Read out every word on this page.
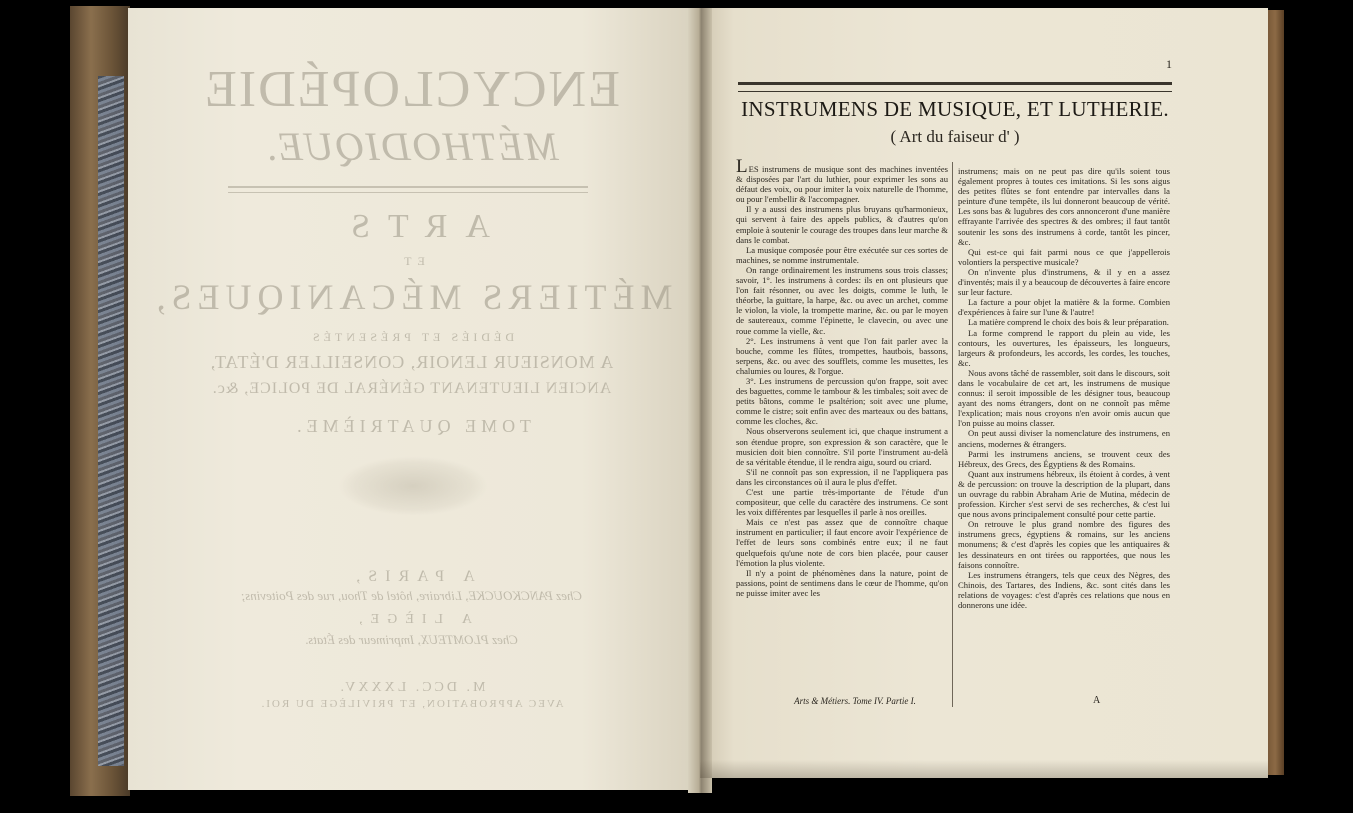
ENCYCLOPÉDIE
MÉTHODIQUE.
ARTS
ET
MÉTIERS MÉCANIQUES,
DÉDIÉS ET PRÉSENTÉS
A MONSIEUR LENOIR, CONSEILLER D'ÉTAT,
ANCIEN LIEUTENANT GÉNÉRAL DE POLICE, &c.
TOME QUATRIÈME.
A PARIS,
Chez PANCKOUCKE, Libraire, hôtel de Thou, rue des Poitevins;
A LIÈGE,
Chez PLOMTEUX, Imprimeur des États.
M. DCC. LXXXV.
AVEC APPROBATION, ET PRIVILÈGE DU ROI.
1
INSTRUMENS DE MUSIQUE, ET LUTHERIE.
( Art du faiseur d' )

LES instrumens de musique sont des machines inventées & disposées par l'art du luthier, pour exprimer les sons au défaut des voix, ou pour imiter la voix naturelle de l'homme, ou pour l'embellir & l'accompagner.

Il y a aussi des instrumens plus bruyans qu'harmonieux, qui servent à faire des appels publics, & d'autres qu'on emploie à soutenir le courage des troupes dans leur marche & dans le combat.

La musique composée pour être exécutée sur ces sortes de machines, se nomme instrumentale.

On range ordinairement les instrumens sous trois classes; savoir, 1°. les instrumens à cordes: ils en ont plusieurs que l'on fait résonner, ou avec les doigts, comme le luth, le théorbe, la guittare, la harpe, &c. ou avec un archet, comme le violon, la viole, la trompette marine, &c. ou par le moyen de sautereaux, comme l'épinette, le clavecin, ou avec une roue comme la vielle, &c.

2°. Les instrumens à vent que l'on fait parler avec la bouche, comme les flûtes, trompettes, hautbois, bassons, serpens, &c. ou avec des soufflets, comme les musettes, les chalumies ou loures, & l'orgue.

3°. Les instrumens de percussion qu'on frappe, soit avec des baguettes, comme le tambour & les timbales; soit avec de petits bâtons, comme le psaltérion; soit avec une plume, comme le cistre; soit enfin avec des marteaux ou des battans, comme les cloches, &c.

Nous observerons seulement ici, que chaque instrument a son étendue propre, son expression & son caractère, que le musicien doit bien connoître. S'il porte l'instrument au-delà de sa véritable étendue, il le rendra aigu, sourd ou criard.

S'il ne connoît pas son expression, il ne l'appliquera pas dans les circonstances où il aura le plus d'effet.

C'est une partie très-importante de l'étude d'un compositeur, que celle du caractère des instrumens. Ce sont les voix différentes par lesquelles il parle à nos oreilles.

Mais ce n'est pas assez que de connoître chaque instrument en particulier; il faut encore avoir l'expérience de l'effet de leurs sons combinés entre eux; il ne faut quelquefois qu'une note de cors bien placée, pour causer l'émotion la plus violente.

Il n'y a point de phénomènes dans la nature, point de passions, point de sentimens dans le cœur de l'homme, qu'on ne puisse imiter avec les

instrumens; mais on ne peut pas dire qu'ils soient tous également propres à toutes ces imitations. Si les sons aigus des petites flûtes se font entendre par intervalles dans la peinture d'une tempête, ils lui donneront beaucoup de vérité. Les sons bas & lugubres des cors annonceront d'une manière effrayante l'arrivée des spectres & des ombres; il faut tantôt soutenir les sons des instrumens à corde, tantôt les pincer, &c.

Qui est-ce qui fait parmi nous ce que j'appellerois volontiers la perspective musicale?

On n'invente plus d'instrumens, & il y en a assez d'inventés; mais il y a beaucoup de découvertes à faire encore sur leur facture.

La facture a pour objet la matière & la forme. Combien d'expériences à faire sur l'une & l'autre!

La matière comprend le choix des bois & leur préparation.

La forme comprend le rapport du plein au vide, les contours, les ouvertures, les épaisseurs, les longueurs, largeurs & profondeurs, les accords, les cordes, les touches, &c.

Nous avons tâché de rassembler, soit dans le discours, soit dans le vocabulaire de cet art, les instrumens de musique connus: il seroit impossible de les désigner tous, beaucoup ayant des noms étrangers, dont on ne connoît pas même l'explication; mais nous croyons n'en avoir omis aucun que l'on puisse au moins classer.

On peut aussi diviser la nomenclature des instrumens, en anciens, modernes & étrangers.

Parmi les instrumens anciens, se trouvent ceux des Hébreux, des Grecs, des Égyptiens & des Romains.

Quant aux instrumens hébreux, ils étoient à cordes, à vent & de percussion: on trouve la description de la plupart, dans un ouvrage du rabbin Abraham Arie de Mutina, médecin de profession. Kircher s'est servi de ses recherches, & c'est lui que nous avons principalement consulté pour cette partie.

On retrouve le plus grand nombre des figures des instrumens grecs, égyptiens & romains, sur les anciens monumens; & c'est d'après les copies que les antiquaires & les dessinateurs en ont tirées ou rapportées, que nous les faisons connoître.

Les instrumens étrangers, tels que ceux des Nègres, des Chinois, des Tartares, des Indiens, &c. sont cités dans les relations de voyages: c'est d'après ces relations que nous en donnerons une idée.

Arts & Métiers. Tome IV. Partie I.	A
